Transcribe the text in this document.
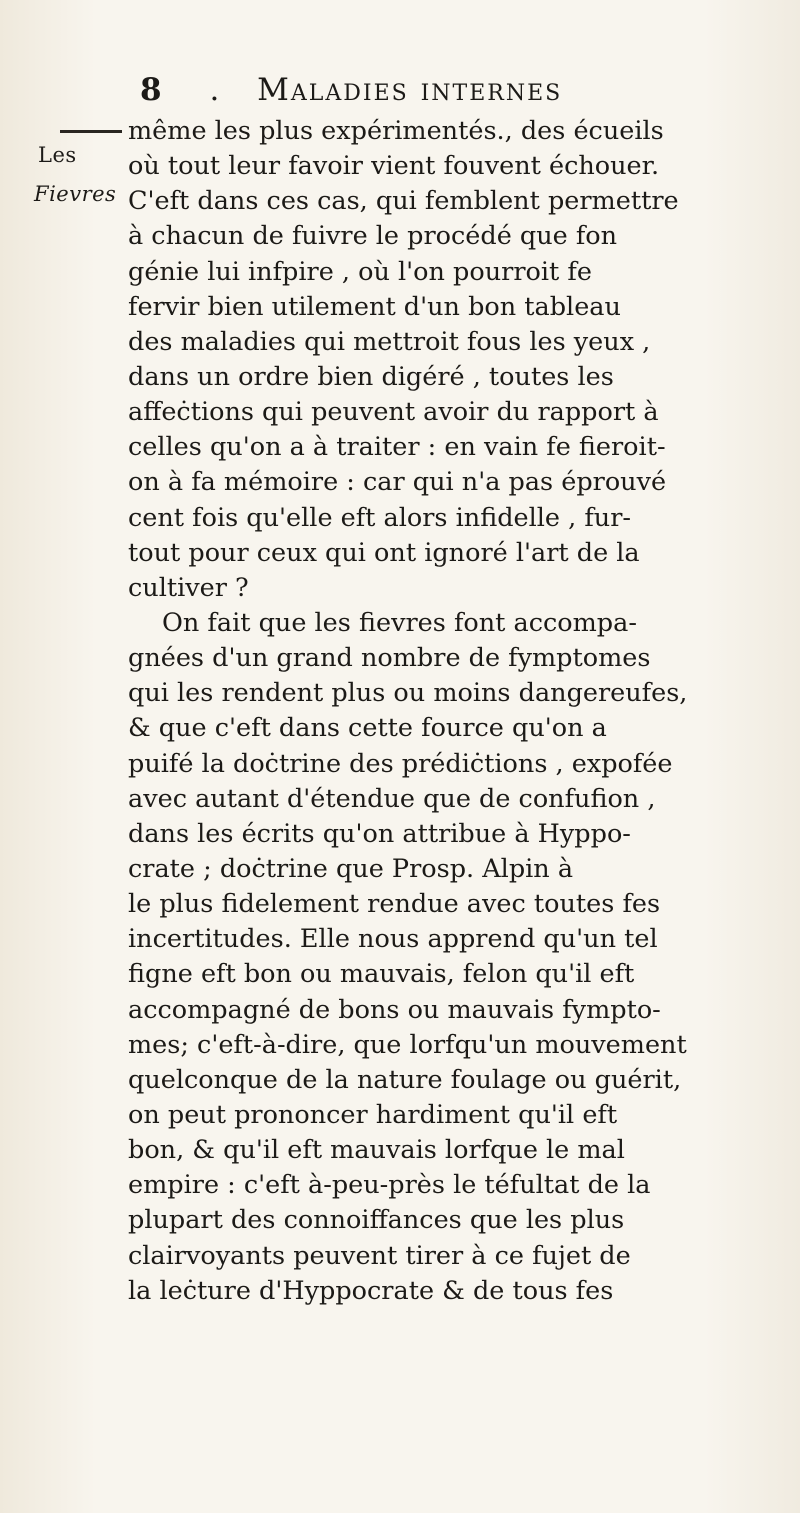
8 . Maladies internes
Les
Fievres
même les plus expérimentés., des écueils
où tout leur favoir vient fouvent échouer.
C'eft dans ces cas, qui femblent permettre
à chacun de fuivre le procédé que fon
génie lui infpire , où l'on pourroit fe
fervir bien utilement d'un bon tableau
des maladies qui mettroit fous les yeux ,
dans un ordre bien digéré , toutes les
affeċtions qui peuvent avoir du rapport à
celles qu'on a à traiter : en vain fe fieroit-
on à fa mémoire : car qui n'a pas éprouvé
cent fois qu'elle eft alors infidelle , fur-
tout pour ceux qui ont ignoré l'art de la
cultiver ?
On fait que les fievres font accompa-
gnées d'un grand nombre de fymptomes
qui les rendent plus ou moins dangereufes,
& que c'eft dans cette fource qu'on a
puifé la doċtrine des prédiċtions , expofée
avec autant d'étendue que de confufion ,
dans les écrits qu'on attribue à Hyppo-
crate ; doċtrine que Prosp. Alpin à
le plus fidelement rendue avec toutes fes
incertitudes. Elle nous apprend qu'un tel
figne eft bon ou mauvais, felon qu'il eft
accompagné de bons ou mauvais fympto-
mes; c'eft-à-dire, que lorfqu'un mouvement
quelconque de la nature foulage ou guérit,
on peut prononcer hardiment qu'il eft
bon, & qu'il eft mauvais lorfque le mal
empire : c'eft à-peu-près le téfultat de la
plupart des connoiffances que les plus
clairvoyants peuvent tirer à ce fujet de
la leċture d'Hyppocrate & de tous fes
